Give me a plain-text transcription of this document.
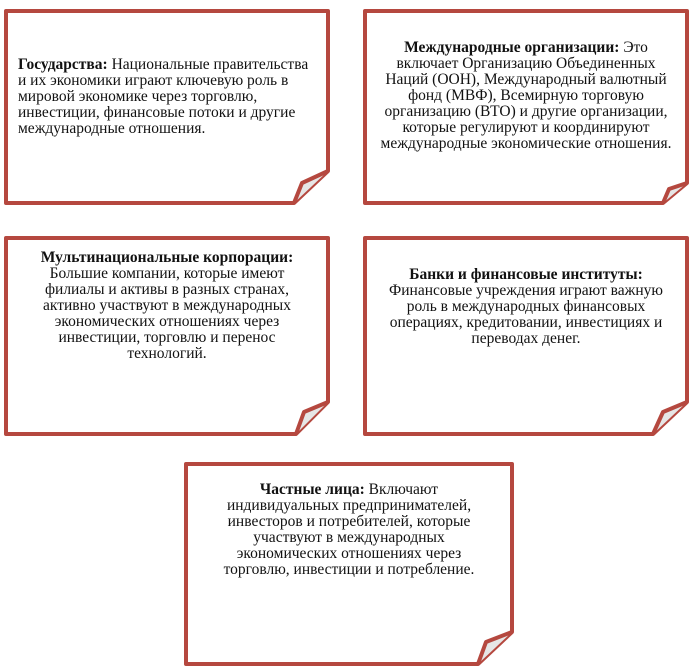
Государства: Национальные правительства и их экономики играют ключевую роль в мировой экономике через торговлю, инвестиции, финансовые потоки и другие международные отношения.
Международные организации: Это включает Организацию Объединенных Наций (ООН), Международный валютный фонд (МВФ), Всемирную торговую организацию (ВТО) и другие организации, которые регулируют и координируют международные экономические отношения.
Мультинациональные корпорации:
Большие компании, которые имеют филиалы и активы в разных странах, активно участвуют в международных экономических отношениях через инвестиции, торговлю и перенос технологий.
Банки и финансовые институты:
Финансовые учреждения играют важную роль в международных финансовых операциях, кредитовании, инвестициях и переводах денег.
Частные лица: Включают индивидуальных предпринимателей, инвесторов и потребителей, которые участвуют в международных экономических отношениях через торговлю, инвестиции и потребление.
